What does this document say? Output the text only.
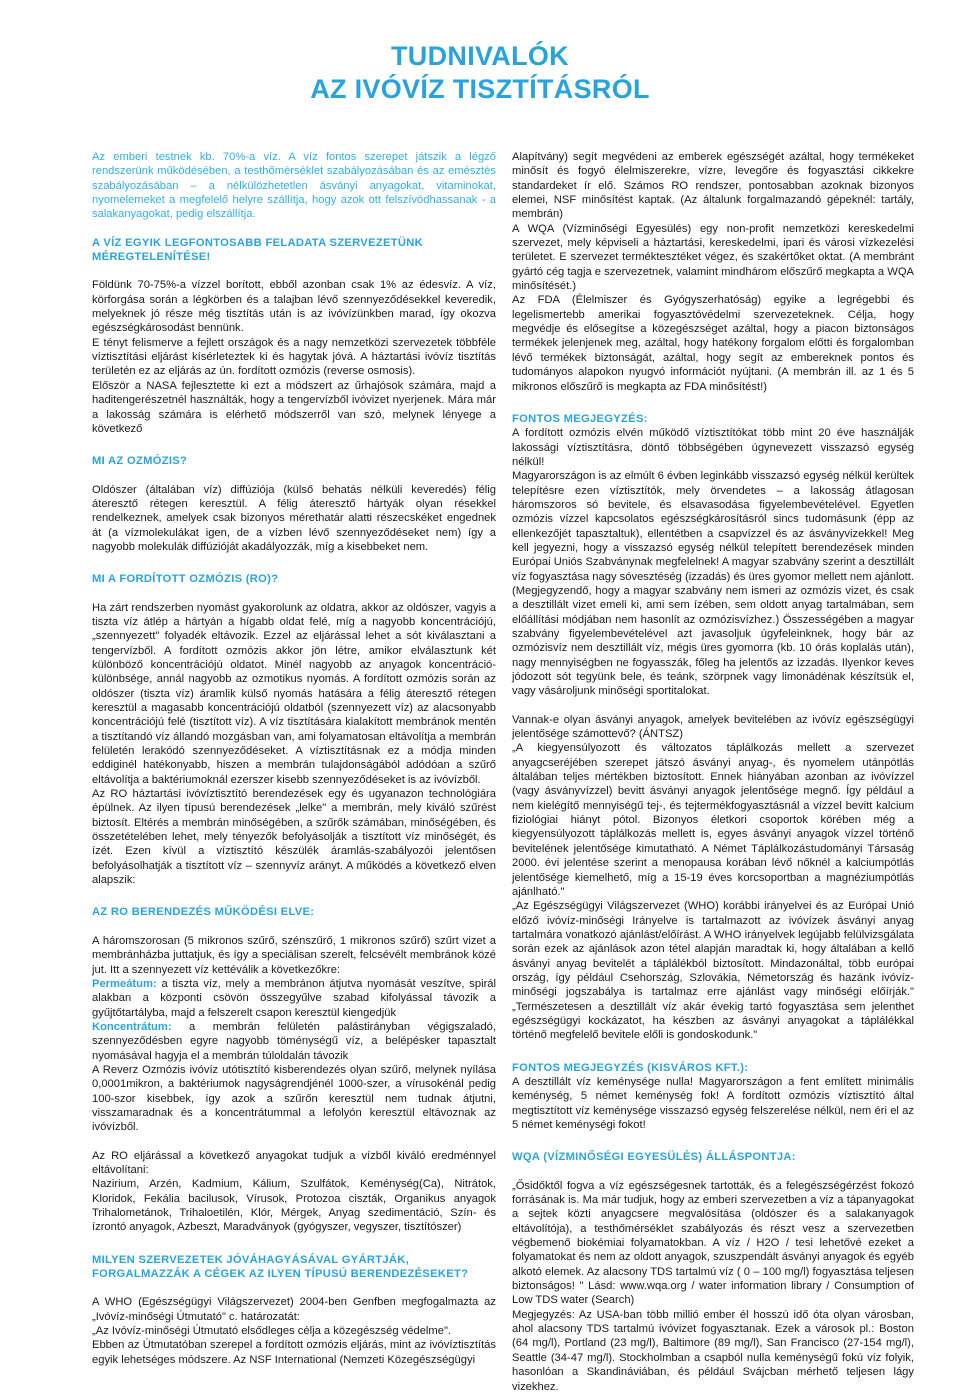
TUDNIVALÓK
AZ IVÓVÍZ TISZTÍTÁSRÓL

Az emberi testnek kb. 70%-a víz. A víz fontos szerepet játszik a légző rendszerünk működésében, a testhőmérséklet szabályozásában és az emésztés szabályozásában – a nélkülözhetetlen ásványi anyagokat, vitaminokat, nyomelemeket a megfelelő helyre szállítja, hogy azok ott felszívódhassanak - a salakanyagokat, pedig elszállítja.

A VÍZ EGYIK LEGFONTOSABB FELADATA SZERVEZETÜNK MÉREGTELENÍTÉSE!

Földünk 70-75%-a vízzel borított, ebből azonban csak 1% az édesvíz. A víz, körforgása során a légkörben és a talajban lévő szennyeződésekkel keveredik, melyeknek jó része még tisztítás után is az ivóvízünkben marad, így okozva egészségkárosodást bennünk.

E tényt felismerve a fejlett országok és a nagy nemzetközi szervezetek többféle víztisztítási eljárást kísérleteztek ki és hagytak jóvá. A háztartási ivóvíz tisztítás területén ez az eljárás az ún. fordított ozmózis (reverse osmosis).

Először a NASA fejlesztette ki ezt a módszert az űrhajósok számára, majd a haditengerészetnél használták, hogy a tengervízből ivóvizet nyerjenek. Mára már a lakosság számára is elérhető módszerről van szó, melynek lényege a következő

MI AZ OZMÓZIS?

Oldószer (általában víz) diffúziója (külső behatás nélküli keveredés) félig áteresztő rétegen keresztül. A félig áteresztő hártyák olyan résekkel rendelkeznek, amelyek csak bizonyos mérethatár alatti részecskéket engednek át (a vízmolekulákat igen, de a vízben lévő szennyeződéseket nem) így a nagyobb molekulák diffúzióját akadályozzák, míg a kisebbeket nem.

MI A FORDÍTOTT OZMÓZIS (RO)?

Ha zárt rendszerben nyomást gyakorolunk az oldatra, akkor az oldószer, vagyis a tiszta víz átlép a hártyán a hígabb oldat felé, míg a nagyobb koncentrációjú, „szennyezett" folyadék eltávozik. Ezzel az eljárással lehet a sót kiválasztani a tengervízből. A fordított ozmózis akkor jön létre, amikor elválasztunk két különböző koncentrációjú oldatot. Minél nagyobb az anyagok koncentráció-különbsége, annál nagyobb az ozmotikus nyomás. A fordított ozmózis során az oldószer (tiszta víz) áramlik külső nyomás hatására a félig áteresztő rétegen keresztül a magasabb koncentrációjú oldatból (szennyezett víz) az alacsonyabb koncentrációjú felé (tisztított víz). A víz tisztítására kialakított membránok mentén a tisztítandó víz állandó mozgásban van, ami folyamatosan eltávolítja a membrán felületén lerakódó szennyeződéseket. A víztisztításnak ez a módja minden eddiginél hatékonyabb, hiszen a membrán tulajdonságából adódóan a szűrő eltávolítja a baktériumoknál ezerszer kisebb szennyeződéseket is az ivóvízből.

Az RO háztartási ivóvíztisztító berendezések egy és ugyanazon technológiára épülnek. Az ilyen típusú berendezések „lelke" a membrán, mely kiváló szűrést biztosít. Eltérés a membrán minőségében, a szűrők számában, minőségében, és összetételében lehet, mely tényezők befolyásolják a tisztított víz minőségét, és ízét. Ezen kívül a víztisztító készülék áramlás-szabályozói jelentősen befolyásolhatják a tisztított víz – szennyvíz arányt. A működés a következő elven alapszik:

AZ RO BERENDEZÉS MŰKÖDÉSI ELVE:

A háromszorosan (5 mikronos szűrő, szénszűrő, 1 mikronos szűrő) szűrt vizet a membránházba juttatjuk, és így a speciálisan szerelt, felcsévélt membránok közé jut. Itt a szennyezett víz kettéválik a következőkre:

Permeátum: a tiszta víz, mely a membránon átjutva nyomását veszítve, spirál alakban a központi csövön összegyűlve szabad kifolyással távozik a gyűjtőtartályba, majd a felszerelt csapon keresztül kiengedjük

Koncentrátum: a membrán felületén palástirányban végigszaladó, szennyeződésben egyre nagyobb töménységű víz, a belépésker tapasztalt nyomásával hagyja el a membrán túloldalán távozik

A Reverz Ozmózis ivóvíz utótisztító kisberendezés olyan szűrő, melynek nyílása 0,0001mikron, a baktériumok nagyságrendjénél 1000-szer, a vírusokénál pedig 100-szor kisebbek, így azok a szűrőn keresztül nem tudnak átjutni, visszamaradnak és a koncentrátummal a lefolyón keresztül eltávoznak az ivóvízből.

Az RO eljárással a következő anyagokat tudjuk a vízből kiváló eredménnyel eltávolítani:

Nazirium, Arzén, Kadmium, Kálium, Szulfátok, Keménység(Ca), Nitrátok, Kloridok, Fekália bacilusok, Vírusok, Protozoa ciszták, Organikus anyagok Trihalometánok, Trihaloetilén, Klór, Mérgek, Anyag szedimentáció, Szín- és ízrontó anyagok, Azbeszt, Maradványok (gyógyszer, vegyszer, tisztítószer)

MILYEN SZERVEZETEK JÓVÁHAGYÁSÁVAL GYÁRTJÁK, FORGALMAZZÁK A CÉGEK AZ ILYEN TÍPUSÚ BERENDEZÉSEKET?

A WHO (Egészségügyi Világszervezet) 2004-ben Genfben megfogalmazta az „Ivóvíz-minőségi Útmutató" c. határozatát:

„Az Ivóvíz-minőségi Útmutató elsődleges célja a közegészség védelme".

Ebben az Útmutatóban szerepel a fordított ozmózis eljárás, mint az ivóvíztisztítás egyik lehetséges módszere. Az NSF International (Nemzeti Közegészségügyi

Alapítvány) segít megvédeni az emberek egészségét azáltal, hogy termékeket minősít és fogyó élelmiszerekre, vízre, levegőre és fogyasztási cikkekre standardeket ír elő. Számos RO rendszer, pontosabban azoknak bizonyos elemei, NSF minősítést kaptak. (Az általunk forgalmazandó gépeknél: tartály, membrán)

A WQA (Vízminőségi Egyesülés) egy non-profit nemzetközi kereskedelmi szervezet, mely képviseli a háztartási, kereskedelmi, ipari és városi vízkezelési területet. E szervezet terméktesztéket végez, és szakértőket oktat. (A membránt gyártó cég tagja e szervezetnek, valamint mindhárom előszűrő megkapta a WQA minősítését.)

Az FDA (Élelmiszer és Gyógyszerhatóság) egyike a legrégebbi és legelismertebb amerikai fogyasztóvédelmi szervezeteknek. Célja, hogy megvédje és elősegítse a közegészséget azáltal, hogy a piacon biztonságos termékek jelenjenek meg, azáltal, hogy hatékony forgalom előtti és forgalomban lévő termékek biztonságát, azáltal, hogy segít az embereknek pontos és tudományos alapokon nyugvó információt nyújtani. (A membrán ill. az 1 és 5 mikronos előszűrő is megkapta az FDA minősítést!)

FONTOS MEGJEGYZÉS:

A fordított ozmózis elvén működő víztisztítókat több mint 20 éve használják lakossági víztisztításra, döntő többségében úgynevezett visszazsó egység nélkül!

Magyarországon is az elmúlt 6 évben leginkább visszazsó egység nélkül kerültek telepítésre ezen víztisztítók, mely örvendetes – a lakosság átlagosan háromszoros só bevitele, és elsavasodása figyelembevételével. Egyetlen ozmózis vízzel kapcsolatos egészségkárosításról sincs tudomásunk (épp az ellenkezőjét tapasztaltuk), ellentétben a csapvízzel és az ásványvizekkel! Meg kell jegyezni, hogy a visszazsó egység nélkül telepített berendezések minden Európai Uniós Szabványnak megfelelnek! A magyar szabvány szerint a desztillált víz fogyasztása nagy sóvesztéség (izzadás) és üres gyomor mellett nem ajánlott. (Megjegyzendő, hogy a magyar szabvány nem ismeri az ozmózis vizet, és csak a desztillált vizet emeli ki, ami sem ízében, sem oldott anyag tartalmában, sem előállítási módjában nem hasonlít az ozmózisvízhez.) Összességében a magyar szabvány figyelembevételével azt javasoljuk úgyfeleinknek, hogy bár az ozmózisvíz nem desztillált víz, mégis üres gyomorra (kb. 10 órás koplalás után), nagy mennyiségben ne fogyasszák, főleg ha jelentős az izzadás. Ilyenkor keves jódozott sót tegyünk bele, és teánk, szörpnek vagy limonádénak készítsük el, vagy vásároljunk minőségi sportitalokat.

Vannak-e olyan ásványi anyagok, amelyek bevitelében az ivóvíz egészségügyi jelentősége számottevő? (ÁNTSZ)

„A kiegyensúlyozott és változatos táplálkozás mellett a szervezet anyagcseréjében szerepet játszó ásványi anyag-, és nyomelem utánpótlás általában teljes mértékben biztosított. Ennek hiányában azonban az ivóvízzel (vagy ásványvízzel) bevitt ásványi anyagok jelentősége megnő. Így például a nem kielégítő mennyiségű tej-, és tejtermékfogyasztásnál a vízzel bevitt kalcium fiziológiai hiányt pótol. Bizonyos életkori csoportok körében még a kiegyensúlyozott táplálkozás mellett is, egyes ásványi anyagok vízzel történő bevitelének jelentősége kimutatható. A Német Táplálkozástudományi Társaság 2000. évi jelentése szerint a menopausa korában lévő nőknél a kalciumpótlás jelentősége kiemelhető, míg a 15-19 éves korcsoportban a magnéziumpótlás ajánlható."

„Az Egészségügyi Világszervezet (WHO) korábbi irányelvei és az Európai Unió előző ivóvíz-minőségi Irányelve is tartalmazott az ivóvízek ásványi anyag tartalmára vonatkozó ajánlást/előírást. A WHO irányelvek legújabb felülvizsgálata során ezek az ajánlások azon tétel alapján maradtak ki, hogy általában a kellő ásványi anyag bevitelét a táplálékból biztosított. Mindazonáltal, több európai ország, így például Csehország, Szlovákia, Németország és hazánk ivóvíz-minőségi jogszabálya is tartalmaz erre ajánlást vagy minőségi előírják." „Természetesen a desztillált víz akár évekig tartó fogyasztása sem jelenthet egészségügyi kockázatot, ha készben az ásványi anyagokat a táplálékkal történő megfelelő bevitele előli is gondoskodunk."

FONTOS MEGJEGYZÉS (KISVÁROS KFT.):

A desztillált víz keménysége nulla! Magyarországon a fent említett minimális keménység, 5 német keménység fok! A fordított ozmózis víztisztító által megtisztított víz keménysége visszazsó egység felszerelése nélkül, nem éri el az 5 német keménységi fokot!

WQA (VÍZMINŐSÉGI EGYESÜLÉS) ÁLLÁSPONTJA:

„Ősidőktől fogva a víz egészségesnek tartották, és a felegészségérzést fokozó forrásának is. Ma már tudjuk, hogy az emberi szervezetben a víz a tápanyagokat a sejtek közti anyagcsere megvalósítása (oldószer és a salakanyagok eltávolítója), a testhőmérséklet szabályozás és részt vesz a szervezetben végbemenő biokémiai folyamatokban. A víz / H2O / tesi lehetővé ezeket a folyamatokat és nem az oldott anyagok, szuszpendált ásványi anyagok és egyéb alkotó elemek. Az alacsony TDS tartalmú víz ( 0 – 100 mg/l) fogyasztása teljesen biztonságos! " Lásd: www.wqa.org / water information library / Consumption of Low TDS water (Search)

Megjegyzés: Az USA-ban több millió ember él hosszú idő óta olyan városban, ahol alacsony TDS tartalmú ivóvizet fogyasztanak. Ezek a városok pl.: Boston (64 mg/l), Portland (23 mg/l), Baltimore (89 mg/l), San Francisco (27-154 mg/l), Seattle (34-47 mg/l). Stockholmban a csapból nulla keménységű fokú víz folyik, hasonlóan a Skandináviában, és például Svájcban mérhető teljesen lágy vizekhez.
